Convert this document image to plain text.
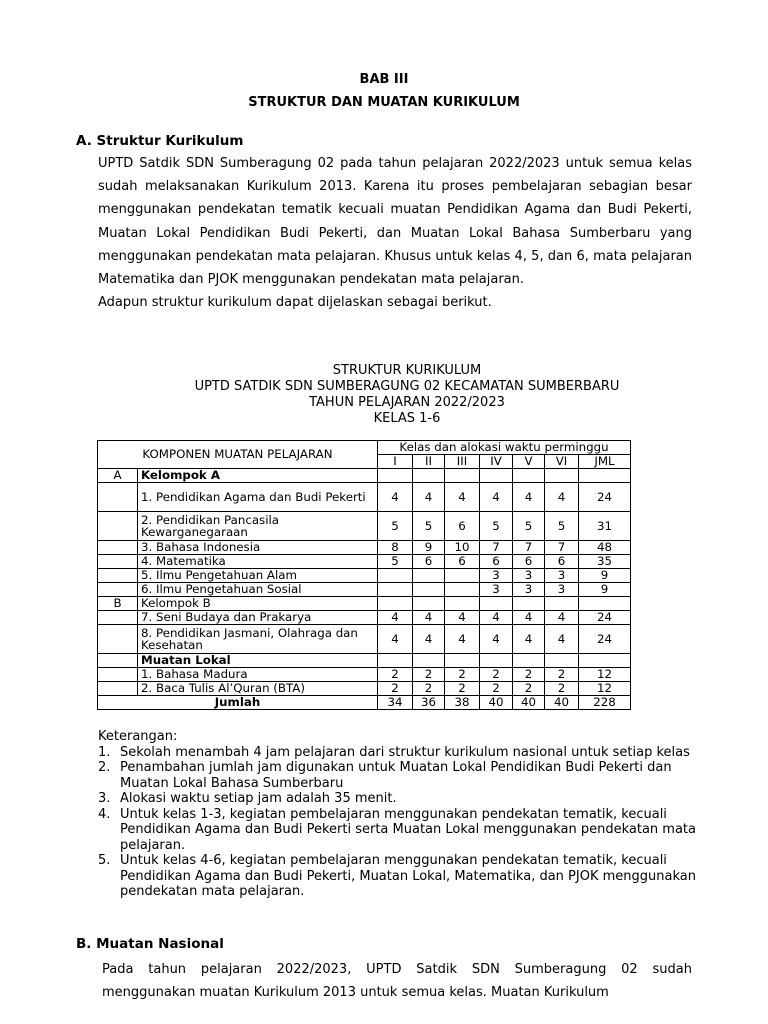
BAB III
STRUKTUR DAN MUATAN KURIKULUM
A. Struktur Kurikulum

UPTD Satdik SDN Sumberagung 02 pada tahun pelajaran 2022/2023 untuk semua kelas sudah melaksanakan Kurikulum 2013. Karena itu proses pembelajaran sebagian besar menggunakan pendekatan tematik kecuali muatan Pendidikan Agama dan Budi Pekerti, Muatan Lokal Pendidikan Budi Pekerti, dan Muatan Lokal Bahasa Sumberbaru yang menggunakan pendekatan mata pelajaran. Khusus untuk kelas 4, 5, dan 6, mata pelajaran Matematika dan PJOK menggunakan pendekatan mata pelajaran.

Adapun struktur kurikulum dapat dijelaskan sebagai berikut.

STRUKTUR KURIKULUM
UPTD SATDIK SDN SUMBERAGUNG 02 KECAMATAN SUMBERBARU
TAHUN PELAJARAN 2022/2023
KELAS 1-6
KOMPONEN MUATAN PELAJARAN		Kelas dan alokasi waktu perminggu						
		I	II	III	IV	V	VI	JML
A	Kelompok A							
	1. Pendidikan Agama dan Budi Pekerti	4	4	4	4	4	4	24
	2. Pendidikan Pancasila Kewarganegaraan	5	5	6	5	5	5	31
	3. Bahasa Indonesia	8	9	10	7	7	7	48
	4. Matematika	5	6	6	6	6	6	35
	5. Ilmu Pengetahuan Alam				3	3	3	9
	6. Ilmu Pengetahuan Sosial				3	3	3	9
B	Kelompok B							
	7. Seni Budaya dan Prakarya	4	4	4	4	4	4	24
	8. Pendidikan Jasmani, Olahraga dan Kesehatan	4	4	4	4	4	4	24
	Muatan Lokal							
	1. Bahasa Madura	2	2	2	2	2	2	12
	2. Baca Tulis Al’Quran (BTA)	2	2	2	2	2	2	12
Jumlah		34	36	38	40	40	40	228
Keterangan:
1. Sekolah menambah 4 jam pelajaran dari struktur kurikulum nasional untuk setiap kelas
2. Penambahan jumlah jam digunakan untuk Muatan Lokal Pendidikan Budi Pekerti dan Muatan Lokal Bahasa Sumberbaru
3. Alokasi waktu setiap jam adalah 35 menit.
4. Untuk kelas 1-3, kegiatan pembelajaran menggunakan pendekatan tematik, kecuali Pendidikan Agama dan Budi Pekerti serta Muatan Lokal menggunakan pendekatan mata pelajaran.
5. Untuk kelas 4-6, kegiatan pembelajaran menggunakan pendekatan tematik, kecuali Pendidikan Agama dan Budi Pekerti, Muatan Lokal, Matematika, dan PJOK menggunakan pendekatan mata pelajaran.
B. Muatan Nasional

Pada tahun pelajaran 2022/2023, UPTD Satdik SDN Sumberagung 02 sudah menggunakan muatan Kurikulum 2013 untuk semua kelas. Muatan Kurikulum
